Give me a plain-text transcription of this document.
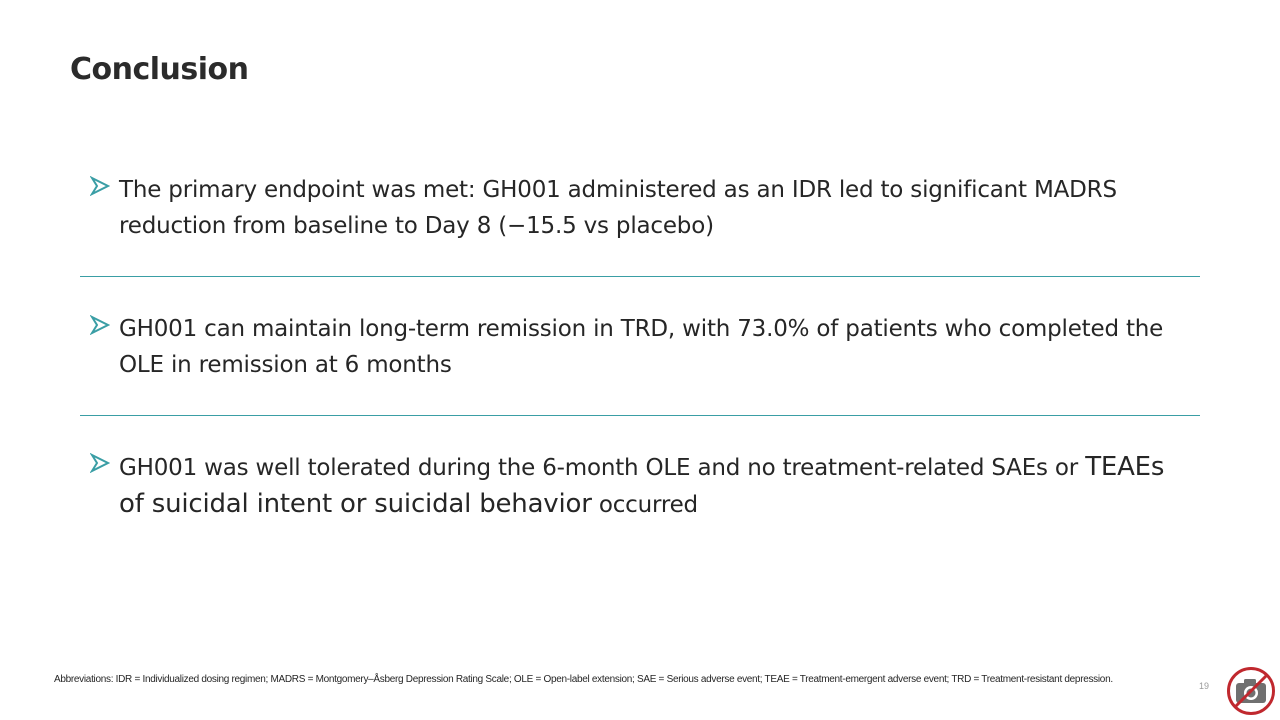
Conclusion
The primary endpoint was met: GH001 administered as an IDR led to significant MADRS reduction from baseline to Day 8 (−15.5 vs placebo)
GH001 can maintain long-term remission in TRD, with 73.0% of patients who completed the OLE in remission at 6 months
GH001 was well tolerated during the 6-month OLE and no treatment-related SAEs or TEAEs of suicidal intent or suicidal behavior occurred
Abbreviations: IDR = Individualized dosing regimen; MADRS = Montgomery–Åsberg Depression Rating Scale; OLE = Open-label extension; SAE = Serious adverse event; TEAE = Treatment-emergent adverse event; TRD = Treatment-resistant depression.
19
